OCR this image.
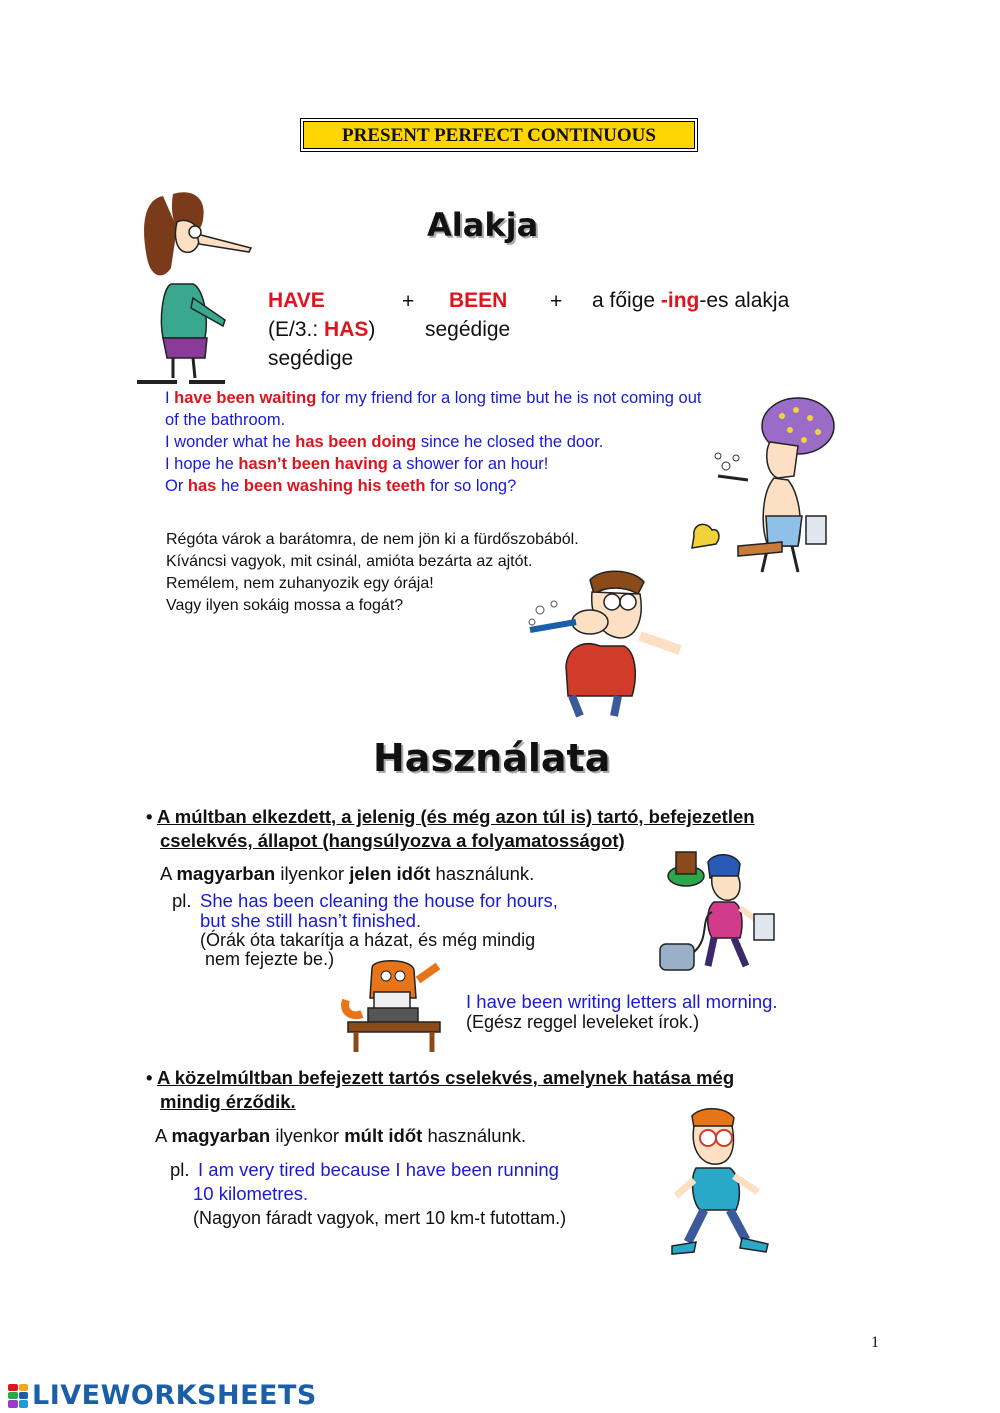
PRESENT PERFECT CONTINUOUS
Alakja
HAVE	+ BEEN + a főige -ing-es alakja
(E/3.: HAS) segédige
segédige
I have been waiting for my friend for a long time but he is not coming out
of the bathroom.
I wonder what he has been doing since he closed the door.
I hope he hasn’t been having a shower for an hour!
Or has he been washing his teeth for so long?
Régóta várok a barátomra, de nem jön ki a fürdőszobából.
Kíváncsi vagyok, mit csinál, amióta bezárta az ajtót.
Remélem, nem zuhanyozik egy órája!
Vagy ilyen sokáig mossa a fogát?
Használata
• A múltban elkezdett, a jelenig (és még azon túl is) tartó, befejezetlen
cselekvés, állapot (hangsúlyozva a folyamatosságot)
A magyarban ilyenkor jelen időt használunk.
pl. She has been cleaning the house for hours,
but she still hasn’t finished.
(Órák óta takarítja a házat, és még mindig
nem fejezte be.)
I have been writing letters all morning.
(Egész reggel leveleket írok.)
• A közelmúltban befejezett tartós cselekvés, amelynek hatása még
mindig érződik.
A magyarban ilyenkor múlt időt használunk.
pl. I am very tired because I have been running
10 kilometres.
(Nagyon fáradt vagyok, mert 10 km-t futottam.)
1
LIVEWORKSHEETS
